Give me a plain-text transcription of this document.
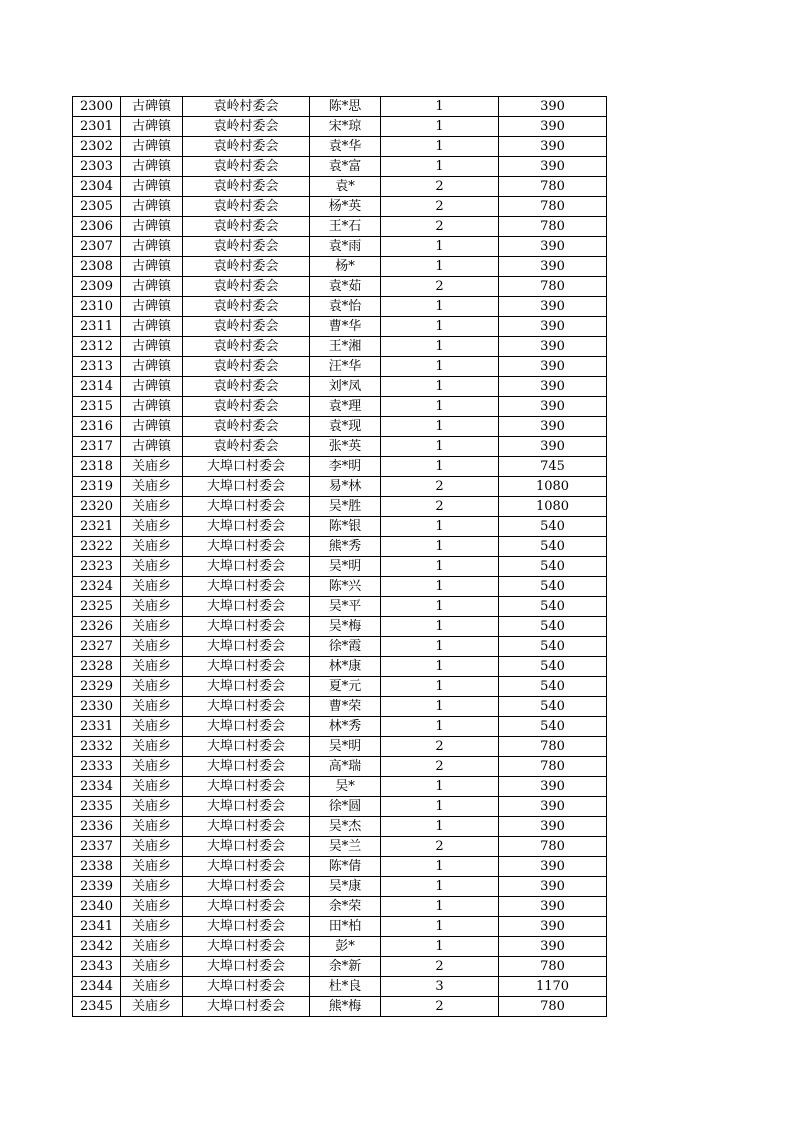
2300	古碑镇	袁岭村委会	陈*思	1	390
2301	古碑镇	袁岭村委会	宋*琼	1	390
2302	古碑镇	袁岭村委会	袁*华	1	390
2303	古碑镇	袁岭村委会	袁*富	1	390
2304	古碑镇	袁岭村委会	袁*	2	780
2305	古碑镇	袁岭村委会	杨*英	2	780
2306	古碑镇	袁岭村委会	王*石	2	780
2307	古碑镇	袁岭村委会	袁*雨	1	390
2308	古碑镇	袁岭村委会	杨*	1	390
2309	古碑镇	袁岭村委会	袁*茹	2	780
2310	古碑镇	袁岭村委会	袁*怡	1	390
2311	古碑镇	袁岭村委会	曹*华	1	390
2312	古碑镇	袁岭村委会	王*湘	1	390
2313	古碑镇	袁岭村委会	汪*华	1	390
2314	古碑镇	袁岭村委会	刘*凤	1	390
2315	古碑镇	袁岭村委会	袁*理	1	390
2316	古碑镇	袁岭村委会	袁*现	1	390
2317	古碑镇	袁岭村委会	张*英	1	390
2318	关庙乡	大埠口村委会	李*明	1	745
2319	关庙乡	大埠口村委会	易*林	2	1080
2320	关庙乡	大埠口村委会	吴*胜	2	1080
2321	关庙乡	大埠口村委会	陈*银	1	540
2322	关庙乡	大埠口村委会	熊*秀	1	540
2323	关庙乡	大埠口村委会	吴*明	1	540
2324	关庙乡	大埠口村委会	陈*兴	1	540
2325	关庙乡	大埠口村委会	吴*平	1	540
2326	关庙乡	大埠口村委会	吴*梅	1	540
2327	关庙乡	大埠口村委会	徐*霞	1	540
2328	关庙乡	大埠口村委会	林*康	1	540
2329	关庙乡	大埠口村委会	夏*元	1	540
2330	关庙乡	大埠口村委会	曹*荣	1	540
2331	关庙乡	大埠口村委会	林*秀	1	540
2332	关庙乡	大埠口村委会	吴*明	2	780
2333	关庙乡	大埠口村委会	高*瑞	2	780
2334	关庙乡	大埠口村委会	吴*	1	390
2335	关庙乡	大埠口村委会	徐*圆	1	390
2336	关庙乡	大埠口村委会	吴*杰	1	390
2337	关庙乡	大埠口村委会	吴*兰	2	780
2338	关庙乡	大埠口村委会	陈*倩	1	390
2339	关庙乡	大埠口村委会	吴*康	1	390
2340	关庙乡	大埠口村委会	余*荣	1	390
2341	关庙乡	大埠口村委会	田*柏	1	390
2342	关庙乡	大埠口村委会	彭*	1	390
2343	关庙乡	大埠口村委会	余*新	2	780
2344	关庙乡	大埠口村委会	杜*良	3	1170
2345	关庙乡	大埠口村委会	熊*梅	2	780
